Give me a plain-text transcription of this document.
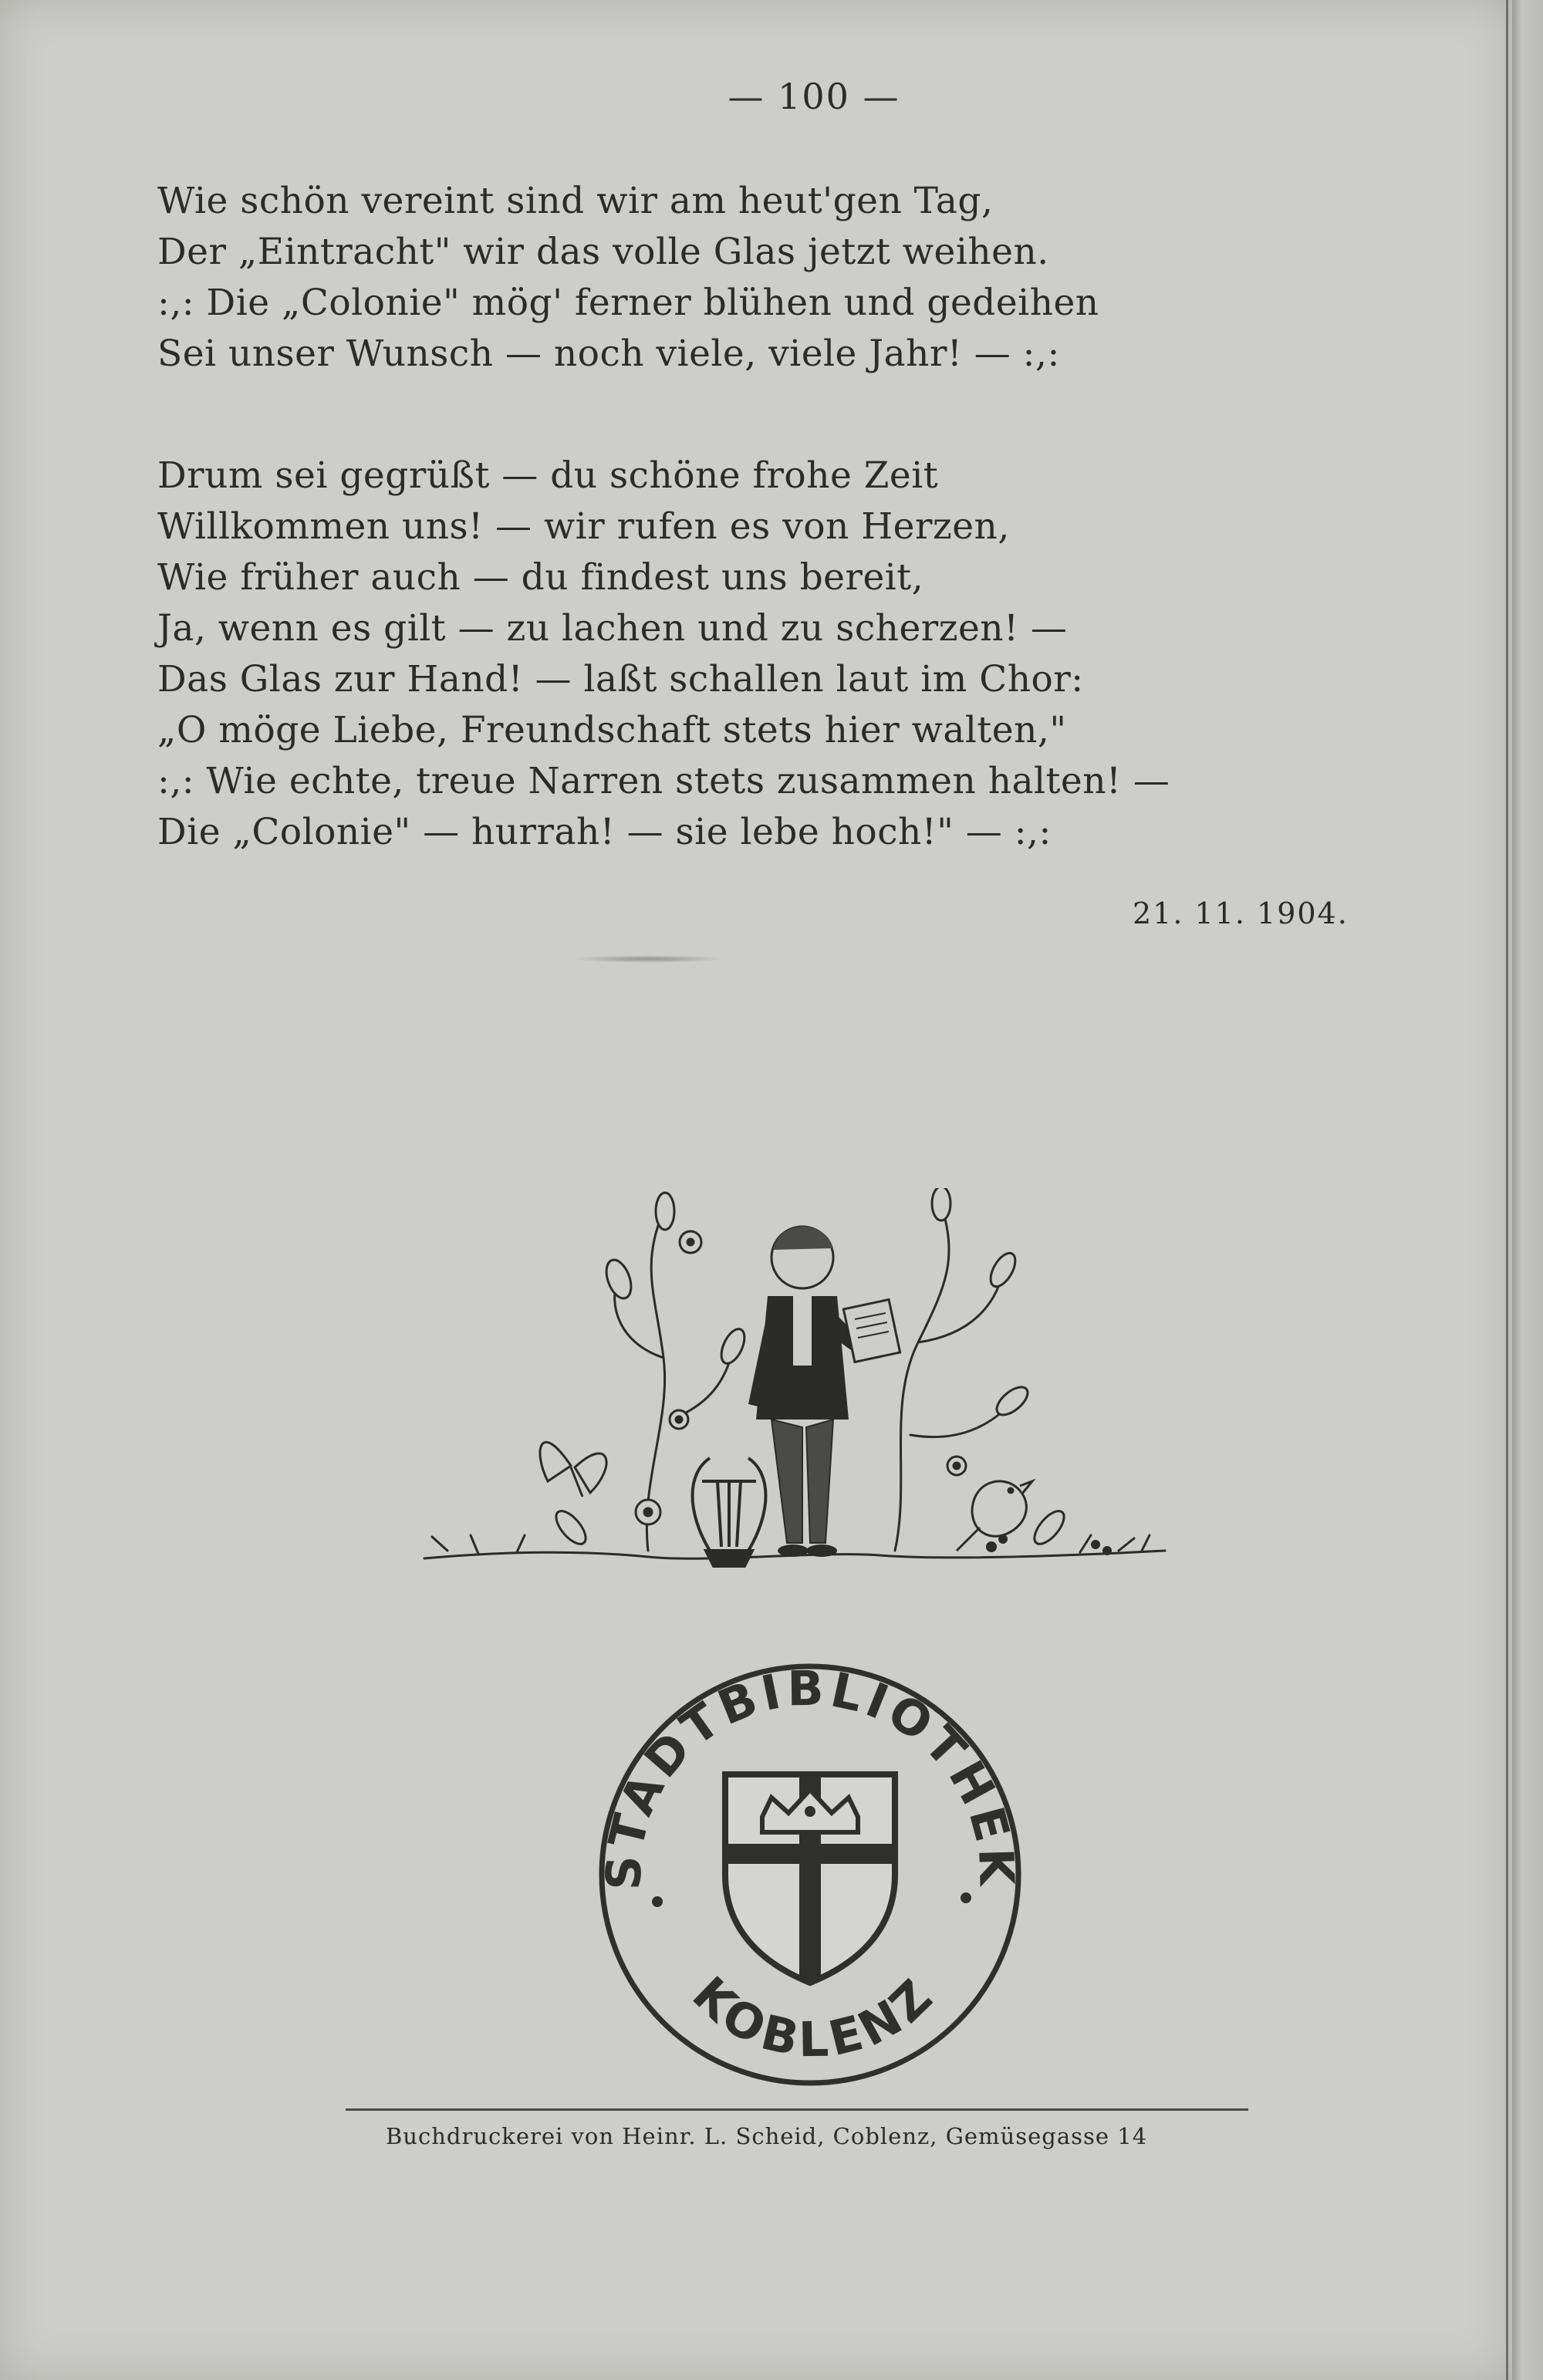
— 100 —
Wie schön vereint sind wir am heut'gen Tag,
Der „Eintracht" wir das volle Glas jetzt weihen.
:,: Die „Colonie" mög' ferner blühen und gedeihen
Sei unser Wunsch — noch viele, viele Jahr! — :,:
Drum sei gegrüßt — du schöne frohe Zeit
Willkommen uns! — wir rufen es von Herzen,
Wie früher auch — du findest uns bereit,
Ja, wenn es gilt — zu lachen und zu scherzen! —
Das Glas zur Hand! — laßt schallen laut im Chor:
„O möge Liebe, Freundschaft stets hier walten,"
:,: Wie echte, treue Narren stets zusammen halten! —
Die „Colonie" — hurrah! — sie lebe hoch!" — :,:
21. 11. 1904.
STADTBIBLIOTHEK
KOBLENZ
Buchdruckerei von Heinr. L. Scheid, Coblenz, Gemüsegasse 14
